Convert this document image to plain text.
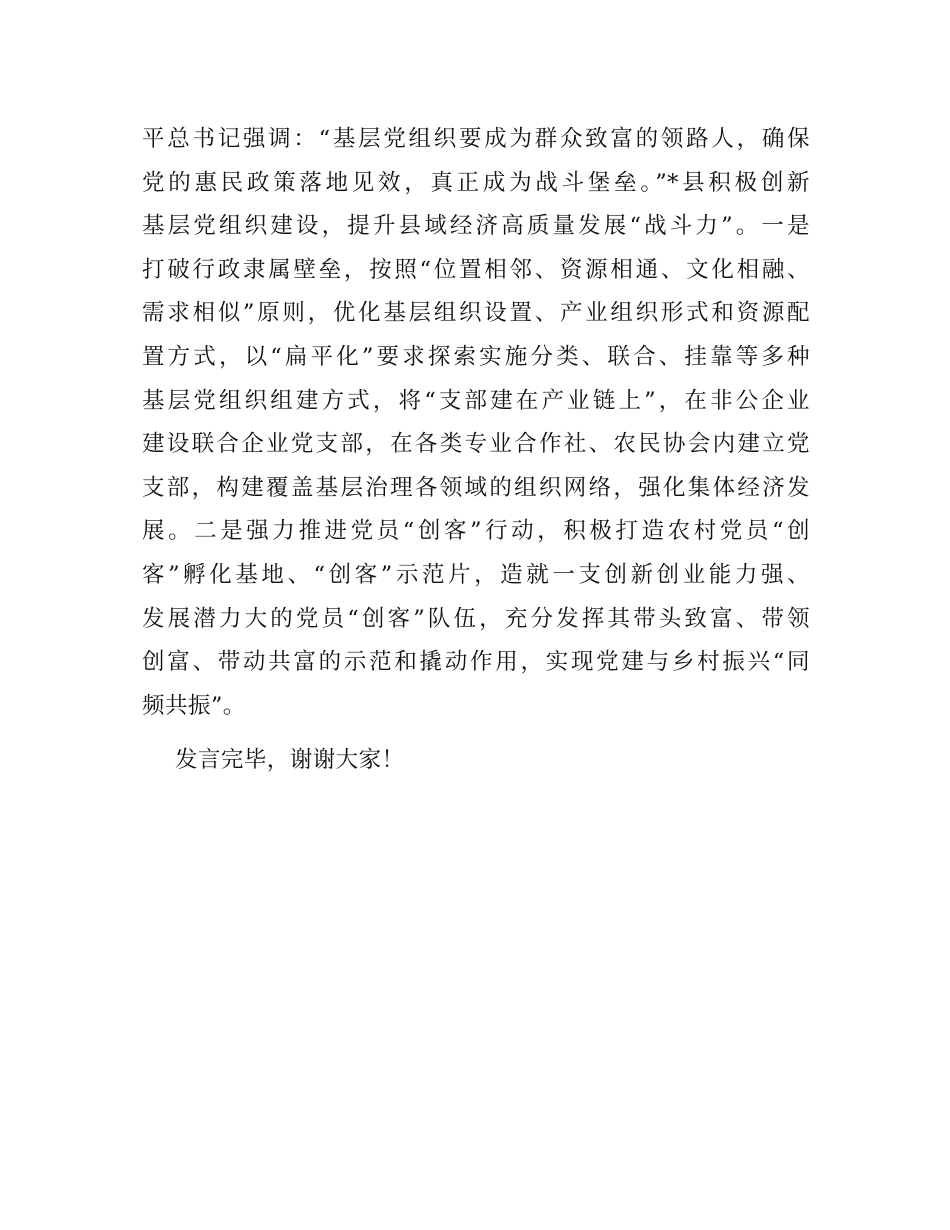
平总书记强调：“基层党组织要成为群众致富的领路人，确保
党的惠民政策落地见效，真正成为战斗堡垒。”*县积极创新
基层党组织建设，提升县域经济高质量发展“战斗力”。一是
打破行政隶属壁垒，按照“位置相邻、资源相通、文化相融、
需求相似”原则，优化基层组织设置、产业组织形式和资源配
置方式，以“扁平化”要求探索实施分类、联合、挂靠等多种
基层党组织组建方式，将“支部建在产业链上”，在非公企业
建设联合企业党支部，在各类专业合作社、农民协会内建立党
支部，构建覆盖基层治理各领域的组织网络，强化集体经济发
展。二是强力推进党员“创客”行动，积极打造农村党员“创
客”孵化基地、“创客”示范片，造就一支创新创业能力强、
发展潜力大的党员“创客”队伍，充分发挥其带头致富、带领
创富、带动共富的示范和撬动作用，实现党建与乡村振兴“同
频共振”。
发言完毕，谢谢大家！
